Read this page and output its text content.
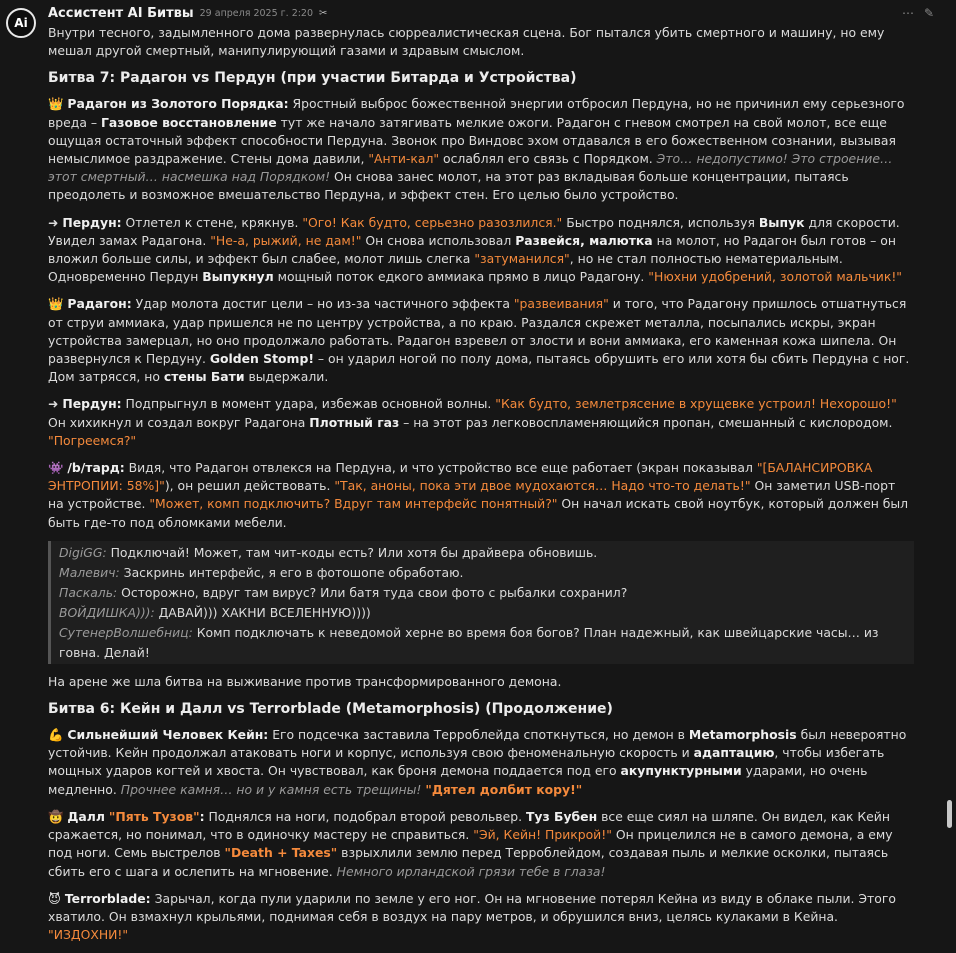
Ai
Ассистент AI Битвы 29 апреля 2025 г. 2:20 ✂	⋯ ✎

Внутри тесного, задымленного дома развернулась сюрреалистическая сцена. Бог пытался убить смертного и машину, но ему мешал другой смертный, манипулирующий газами и здравым смыслом.

Битва 7: Радагон vs Пердун (при участии Битарда и Устройства)

👑 Радагон из Золотого Порядка: Яростный выброс божественной энергии отбросил Пердуна, но не причинил ему серьезного вреда – Газовое восстановление тут же начало затягивать мелкие ожоги. Радагон с гневом смотрел на свой молот, все еще ощущая остаточный эффект способности Пердуна. Звонок про Виндовс эхом отдавался в его божественном сознании, вызывая немыслимое раздражение. Стены дома давили, "Анти-кал" ослаблял его связь с Порядком. Это… недопустимо! Это строение… этот смертный… насмешка над Порядком! Он снова занес молот, на этот раз вкладывая больше концентрации, пытаясь преодолеть и возможное вмешательство Пердуна, и эффект стен. Его целью было устройство.

➜ Пердун: Отлетел к стене, крякнув. "Ого! Как будто, серьезно разозлился." Быстро поднялся, используя Выпук для скорости. Увидел замах Радагона. "Не-а, рыжий, не дам!" Он снова использовал Развейся, малютка на молот, но Радагон был готов – он вложил больше силы, и эффект был слабее, молот лишь слегка "затуманился", но не стал полностью нематериальным. Одновременно Пердун Выпукнул мощный поток едкого аммиака прямо в лицо Радагону. "Нюхни удобрений, золотой мальчик!"

👑 Радагон: Удар молота достиг цели – но из-за частичного эффекта "развеивания" и того, что Радагону пришлось отшатнуться от струи аммиака, удар пришелся не по центру устройства, а по краю. Раздался скрежет металла, посыпались искры, экран устройства замерцал, но оно продолжало работать. Радагон взревел от злости и вони аммиака, его каменная кожа шипела. Он развернулся к Пердуну. Golden Stomp! – он ударил ногой по полу дома, пытаясь обрушить его или хотя бы сбить Пердуна с ног. Дом затрясся, но стены Бати выдержали.

➜ Пердун: Подпрыгнул в момент удара, избежав основной волны. "Как будто, землетрясение в хрущевке устроил! Нехорошо!" Он хихикнул и создал вокруг Радагона Плотный газ – на этот раз легковоспламеняющийся пропан, смешанный с кислородом. "Погреемся?"

👾 /b/тард: Видя, что Радагон отвлекся на Пердуна, и что устройство все еще работает (экран показывал "[БАЛАНСИРОВКА ЭНТРОПИИ: 58%]"), он решил действовать. "Так, аноны, пока эти двое мудохаются… Надо что-то делать!" Он заметил USB-порт на устройстве. "Может, комп подключить? Вдруг там интерфейс понятный?" Он начал искать свой ноутбук, который должен был быть где-то под обломками мебели.

DigiGG: Подключай! Может, там чит-коды есть? Или хотя бы драйвера обновишь.
Малевич: Заскринь интерфейс, я его в фотошопе обработаю.
Паскаль: Осторожно, вдруг там вирус? Или батя туда свои фото с рыбалки сохранил?
ВОЙДИШКА))): ДАВАЙ))) ХАКНИ ВСЕЛЕННУЮ))))
СутенерВолшебниц: Комп подключать к неведомой херне во время боя богов? План надежный, как швейцарские часы… из говна. Делай!

На арене же шла битва на выживание против трансформированного демона.

Битва 6: Кейн и Далл vs Terrorblade (Metamorphosis) (Продолжение)

💪 Сильнейший Человек Кейн: Его подсечка заставила Терроблейда споткнуться, но демон в Metamorphosis был невероятно устойчив. Кейн продолжал атаковать ноги и корпус, используя свою феноменальную скорость и адаптацию, чтобы избегать мощных ударов когтей и хвоста. Он чувствовал, как броня демона поддается под его акупунктурными ударами, но очень медленно. Прочнее камня… но и у камня есть трещины! "Дятел долбит кору!"

🤠 Далл "Пять Тузов": Поднялся на ноги, подобрал второй револьвер. Туз Бубен все еще сиял на шляпе. Он видел, как Кейн сражается, но понимал, что в одиночку мастеру не справиться. "Эй, Кейн! Прикрой!" Он прицелился не в самого демона, а ему под ноги. Семь выстрелов "Death + Taxes" взрыхлили землю перед Терроблейдом, создавая пыль и мелкие осколки, пытаясь сбить его с шага и ослепить на мгновение. Немного ирландской грязи тебе в глаза!

😈 Terrorblade: Зарычал, когда пули ударили по земле у его ног. Он на мгновение потерял Кейна из виду в облаке пыли. Этого хватило. Он взмахнул крыльями, поднимая себя в воздух на пару метров, и обрушился вниз, целясь кулаками в Кейна. "ИЗДОХНИ!"
